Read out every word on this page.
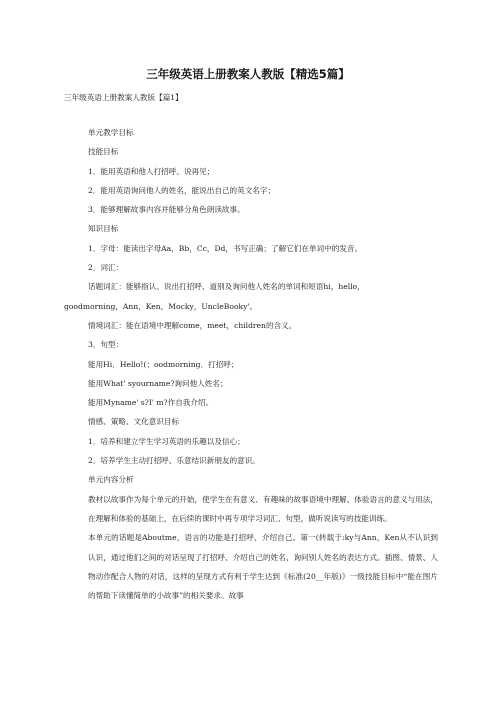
三年级英语上册教案人教版【精选5篇】
三年级英语上册教案人教版【篇1】
单元教学目标
技能目标
1．能用英语和他人打招呼、说再见；
2．能用英语询问他人的姓名，能说出自己的英文名字；
3．能够理解故事内容并能够分角色朗读故事。
知识目标
1．字母：能读出字母Aa，Bb，Cc，Dd，书写正确；了解它们在单词中的发音。
2．词汇：
话题词汇：能够指认、说出打招呼、道别及询问他人姓名的单词和短语hi，hello，
goodmorning，Ann，Ken，Mocky，UncleBooky'。
情境词汇：能在语境中理解come，meet，children的含义。
3．句型：
能用Hi．Hello!(；oodmorning．打招呼；
能用What' syourname?询问他人姓名；
能用Myname' s?I' m?作自我介绍。
情感、策略、文化意识目标
1．培养和建立学生学习英语的乐趣以及信心；
2．培养学生主动打招呼、乐意结识新朋友的意识。
单元内容分析
教材以故事作为每个单元的开始，使学生在有意义、有趣味的故事语境中理解、体验语言的意义与用法，在理解和体验的基础上，在后续的课时中再专项学习词汇、句型，做听说读写的技能训练。
本单元的话题是Aboutme，语言的功能是打招呼、介绍自己。第一(转载于:ky与Ann，Ken从不认识到认识，通过他们之间的对话呈现了打招呼、介绍自己的姓名、询问别人姓名的表达方式。插图、情景、人物动作配合人物的对话，这样的呈现方式有利于学生达到《标准(20__年版)》一级技能目标中“能在图片的帮助下读懂简单的小故事”的相关要求。故事
